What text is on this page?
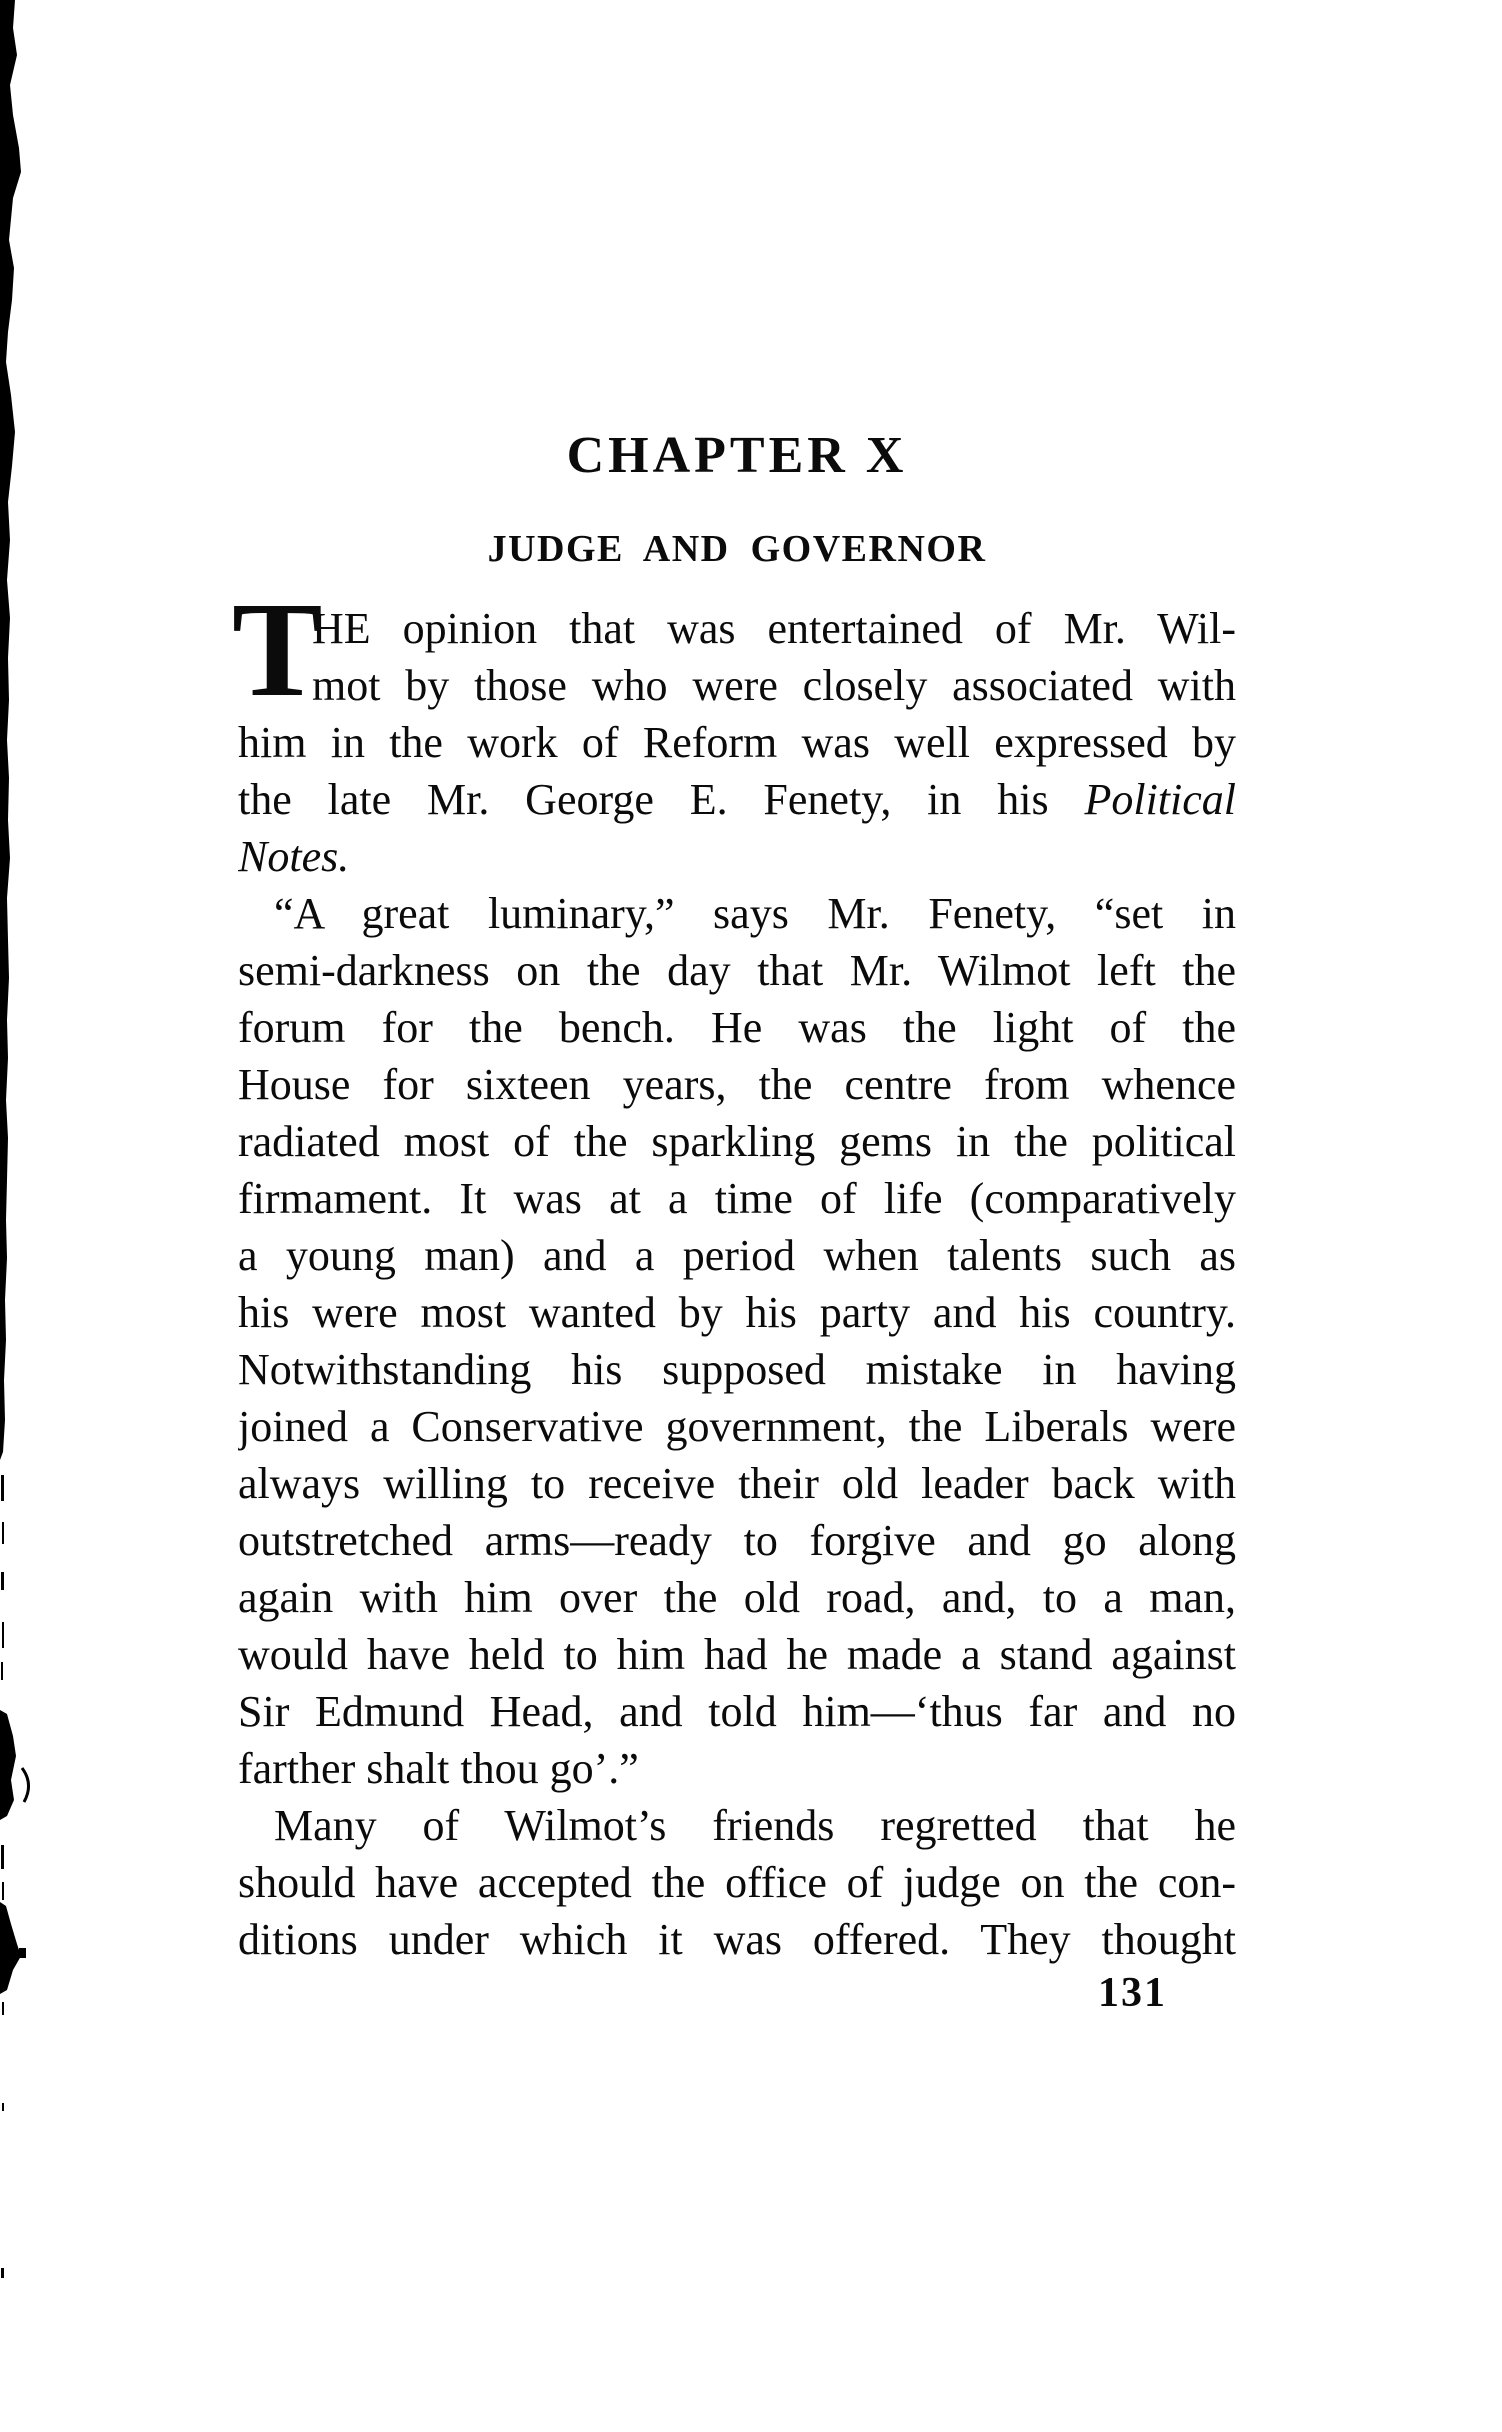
CHAPTER X
JUDGE AND GOVERNOR
T
HE opinion that was entertained of Mr. Wil-
mot by those who were closely associated with
him in the work of Reform was well expressed by
the late Mr. George E. Fenety, in his Political
Notes.
“A great luminary,” says Mr. Fenety, “set in
semi-darkness on the day that Mr. Wilmot left the
forum for the bench. He was the light of the
House for sixteen years, the centre from whence
radiated most of the sparkling gems in the political
firmament. It was at a time of life (comparatively
a young man) and a period when talents such as
his were most wanted by his party and his country.
Notwithstanding his supposed mistake in having
joined a Conservative government, the Liberals were
always willing to receive their old leader back with
outstretched arms—ready to forgive and go along
again with him over the old road, and, to a man,
would have held to him had he made a stand against
Sir Edmund Head, and told him—‘thus far and no
farther shalt thou go’.”
Many of Wilmot’s friends regretted that he
should have accepted the office of judge on the con-
ditions under which it was offered. They thought
131
